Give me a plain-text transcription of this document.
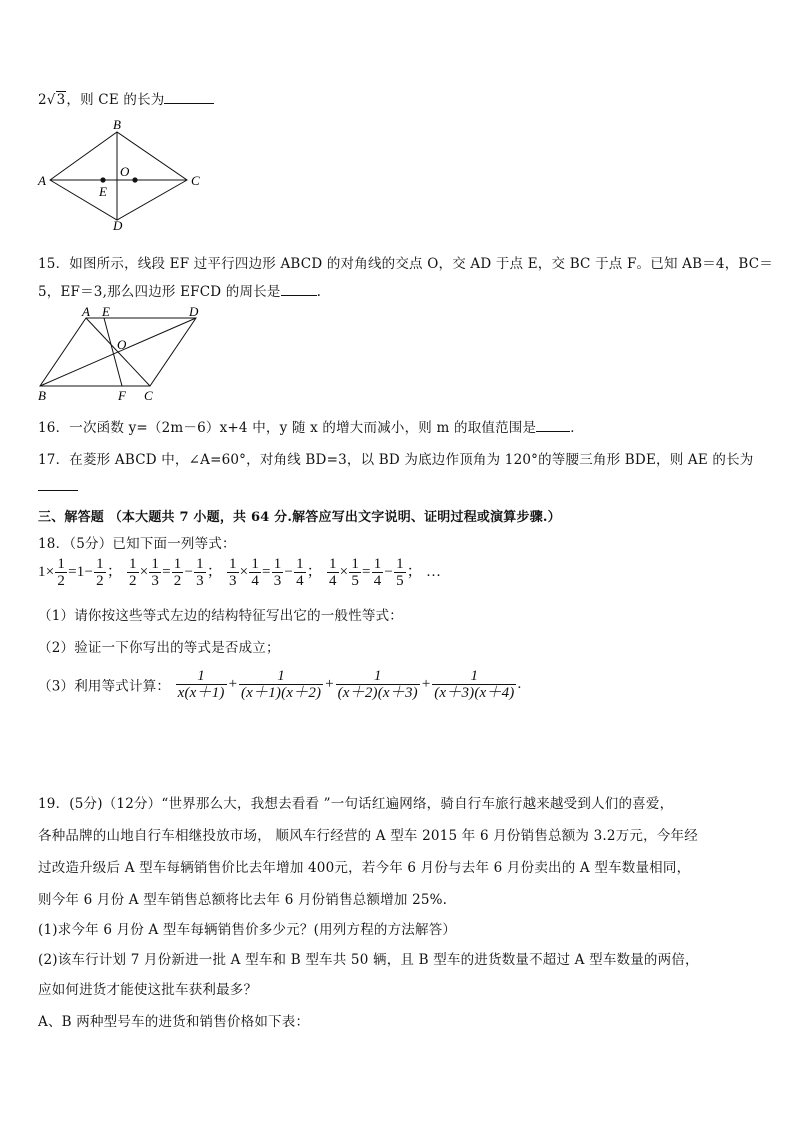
2√3，则 CE 的长为
B
A	C
O
E
D
15．如图所示，线段 EF 过平行四边形 ABCD 的对角线的交点 O，交 AD 于点 E，交 BC 于点 F。已知 AB＝4，BC＝
5，EF＝3,那么四边形 EFCD 的周长是	.
A E	D
O
B	F C
16．一次函数 y=（2m－6）x+4 中，y 随 x 的增大而减小，则 m 的取值范围是	．
17．在菱形 ABCD 中，∠A=60°，对角线 BD=3，以 BD 为底边作顶角为 120°的等腰三角形 BDE，则 AE 的长为
三、解答题 （本大题共 7 小题，共 64 分.解答应写出文字说明、证明过程或演算步骤.）
18．（5分）已知下面一列等式：
$1\times \frac{1}{2} =1- \frac{1}{2}$ ； $\frac{1}{2} \times \frac{1}{3} = \frac{1}{2} - \frac{1}{3}$ ； $\frac{1}{3} \times \frac{1}{4} = \frac{1}{3} - \frac{1}{4}$ ； $\frac{1}{4} \times \frac{1}{5} = \frac{1}{4} - \frac{1}{5}$ ； …
（1）请你按这些等式左边的结构特征写出它的一般性等式：
（2）验证一下你写出的等式是否成立；
（3）利用等式计算： $\frac{1}{x(x+1)} + \frac{1}{(x+1)(x+2)} + \frac{1}{(x+2)(x+3)} + \frac{1}{(x+3)(x+4)}$ .
19．(5分)（12分）“世界那么大，我想去看看 ”一句话红遍网络，骑自行车旅行越来越受到人们的喜爱，
各种品牌的山地自行车相继投放市场， 顺风车行经营的 A 型车 2015 年 6 月份销售总额为 3.2万元，今年经
过改造升级后 A 型车每辆销售价比去年增加 400元，若今年 6 月份与去年 6 月份卖出的 A 型车数量相同，
则今年 6 月份 A 型车销售总额将比去年 6 月份销售总额增加 25%.
(1)求今年 6 月份 A 型车每辆销售价多少元？(用列方程的方法解答）
(2)该车行计划 7 月份新进一批 A 型车和 B 型车共 50 辆，且 B 型车的进货数量不超过 A 型车数量的两倍，
应如何进货才能使这批车获利最多？
A、B 两种型号车的进货和销售价格如下表：
